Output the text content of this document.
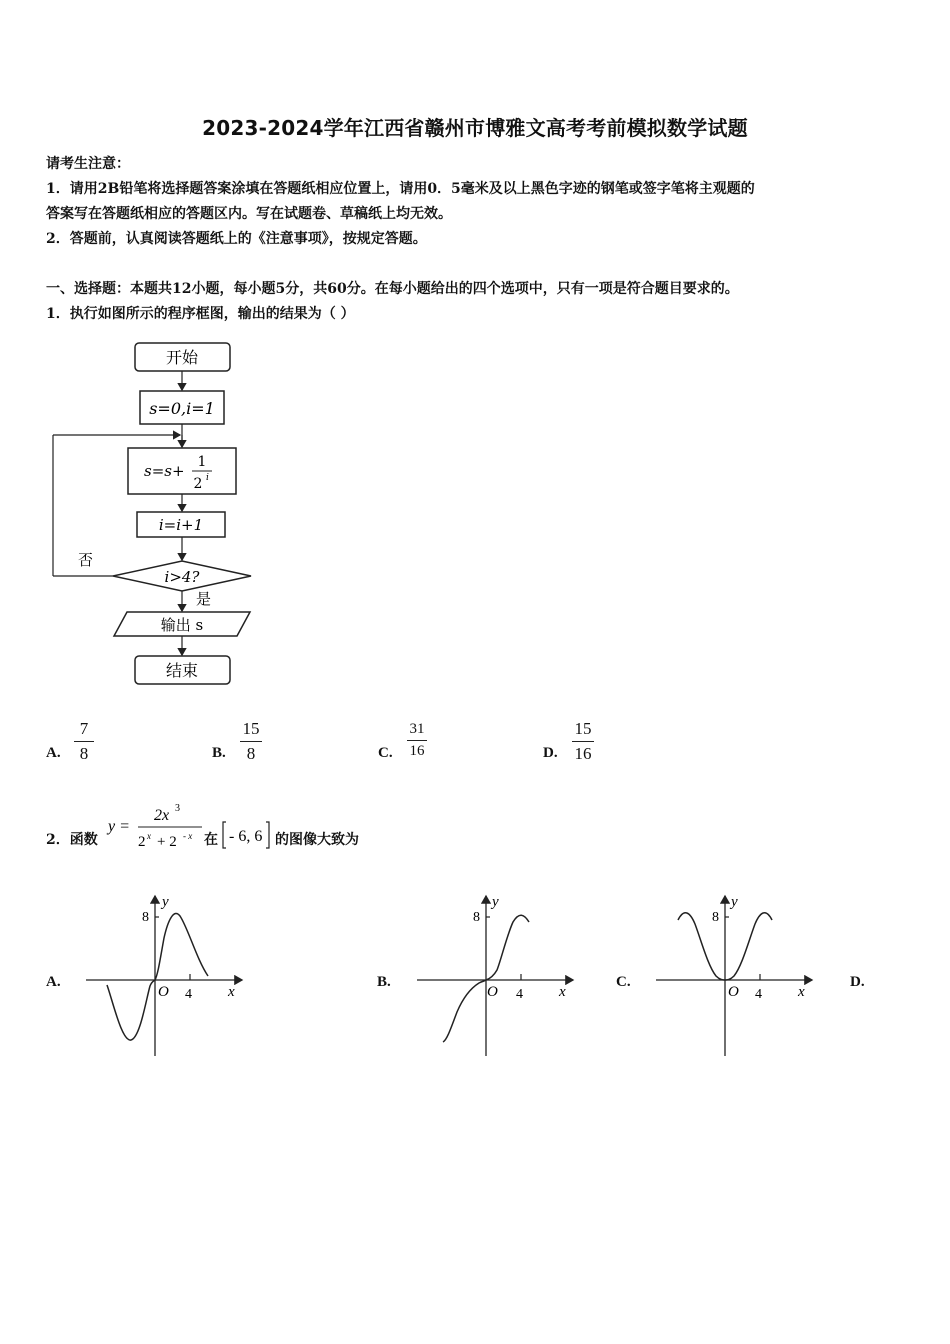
2023-2024学年江西省赣州市博雅文高考考前模拟数学试题
请考生注意：
1．请用2B铅笔将选择题答案涂填在答题纸相应位置上，请用0．5毫米及以上黑色字迹的钢笔或签字笔将主观题的
答案写在答题纸相应的答题区内。写在试题卷、草稿纸上均无效。
2．答题前，认真阅读答题纸上的《注意事项》，按规定答题。
一、选择题：本题共12小题，每小题5分，共60分。在每小题给出的四个选项中，只有一项是符合题目要求的。
1．执行如图所示的程序框图，输出的结果为（ ）
开始
s=0,i=1
s=s+ 1
2 i
i=i+1
i>4?
否
是
输出 s
结束
A.
7
8	B.
15
8	C.
31
16	D.
15
16
2．函数
y =
2x 3
2 x + 2 - x 在 - 6, 6 的图像大致为
A.	B.	C.	D.
y
8
O 4 x
y
8
O 4 x
y
8
O 4 x
